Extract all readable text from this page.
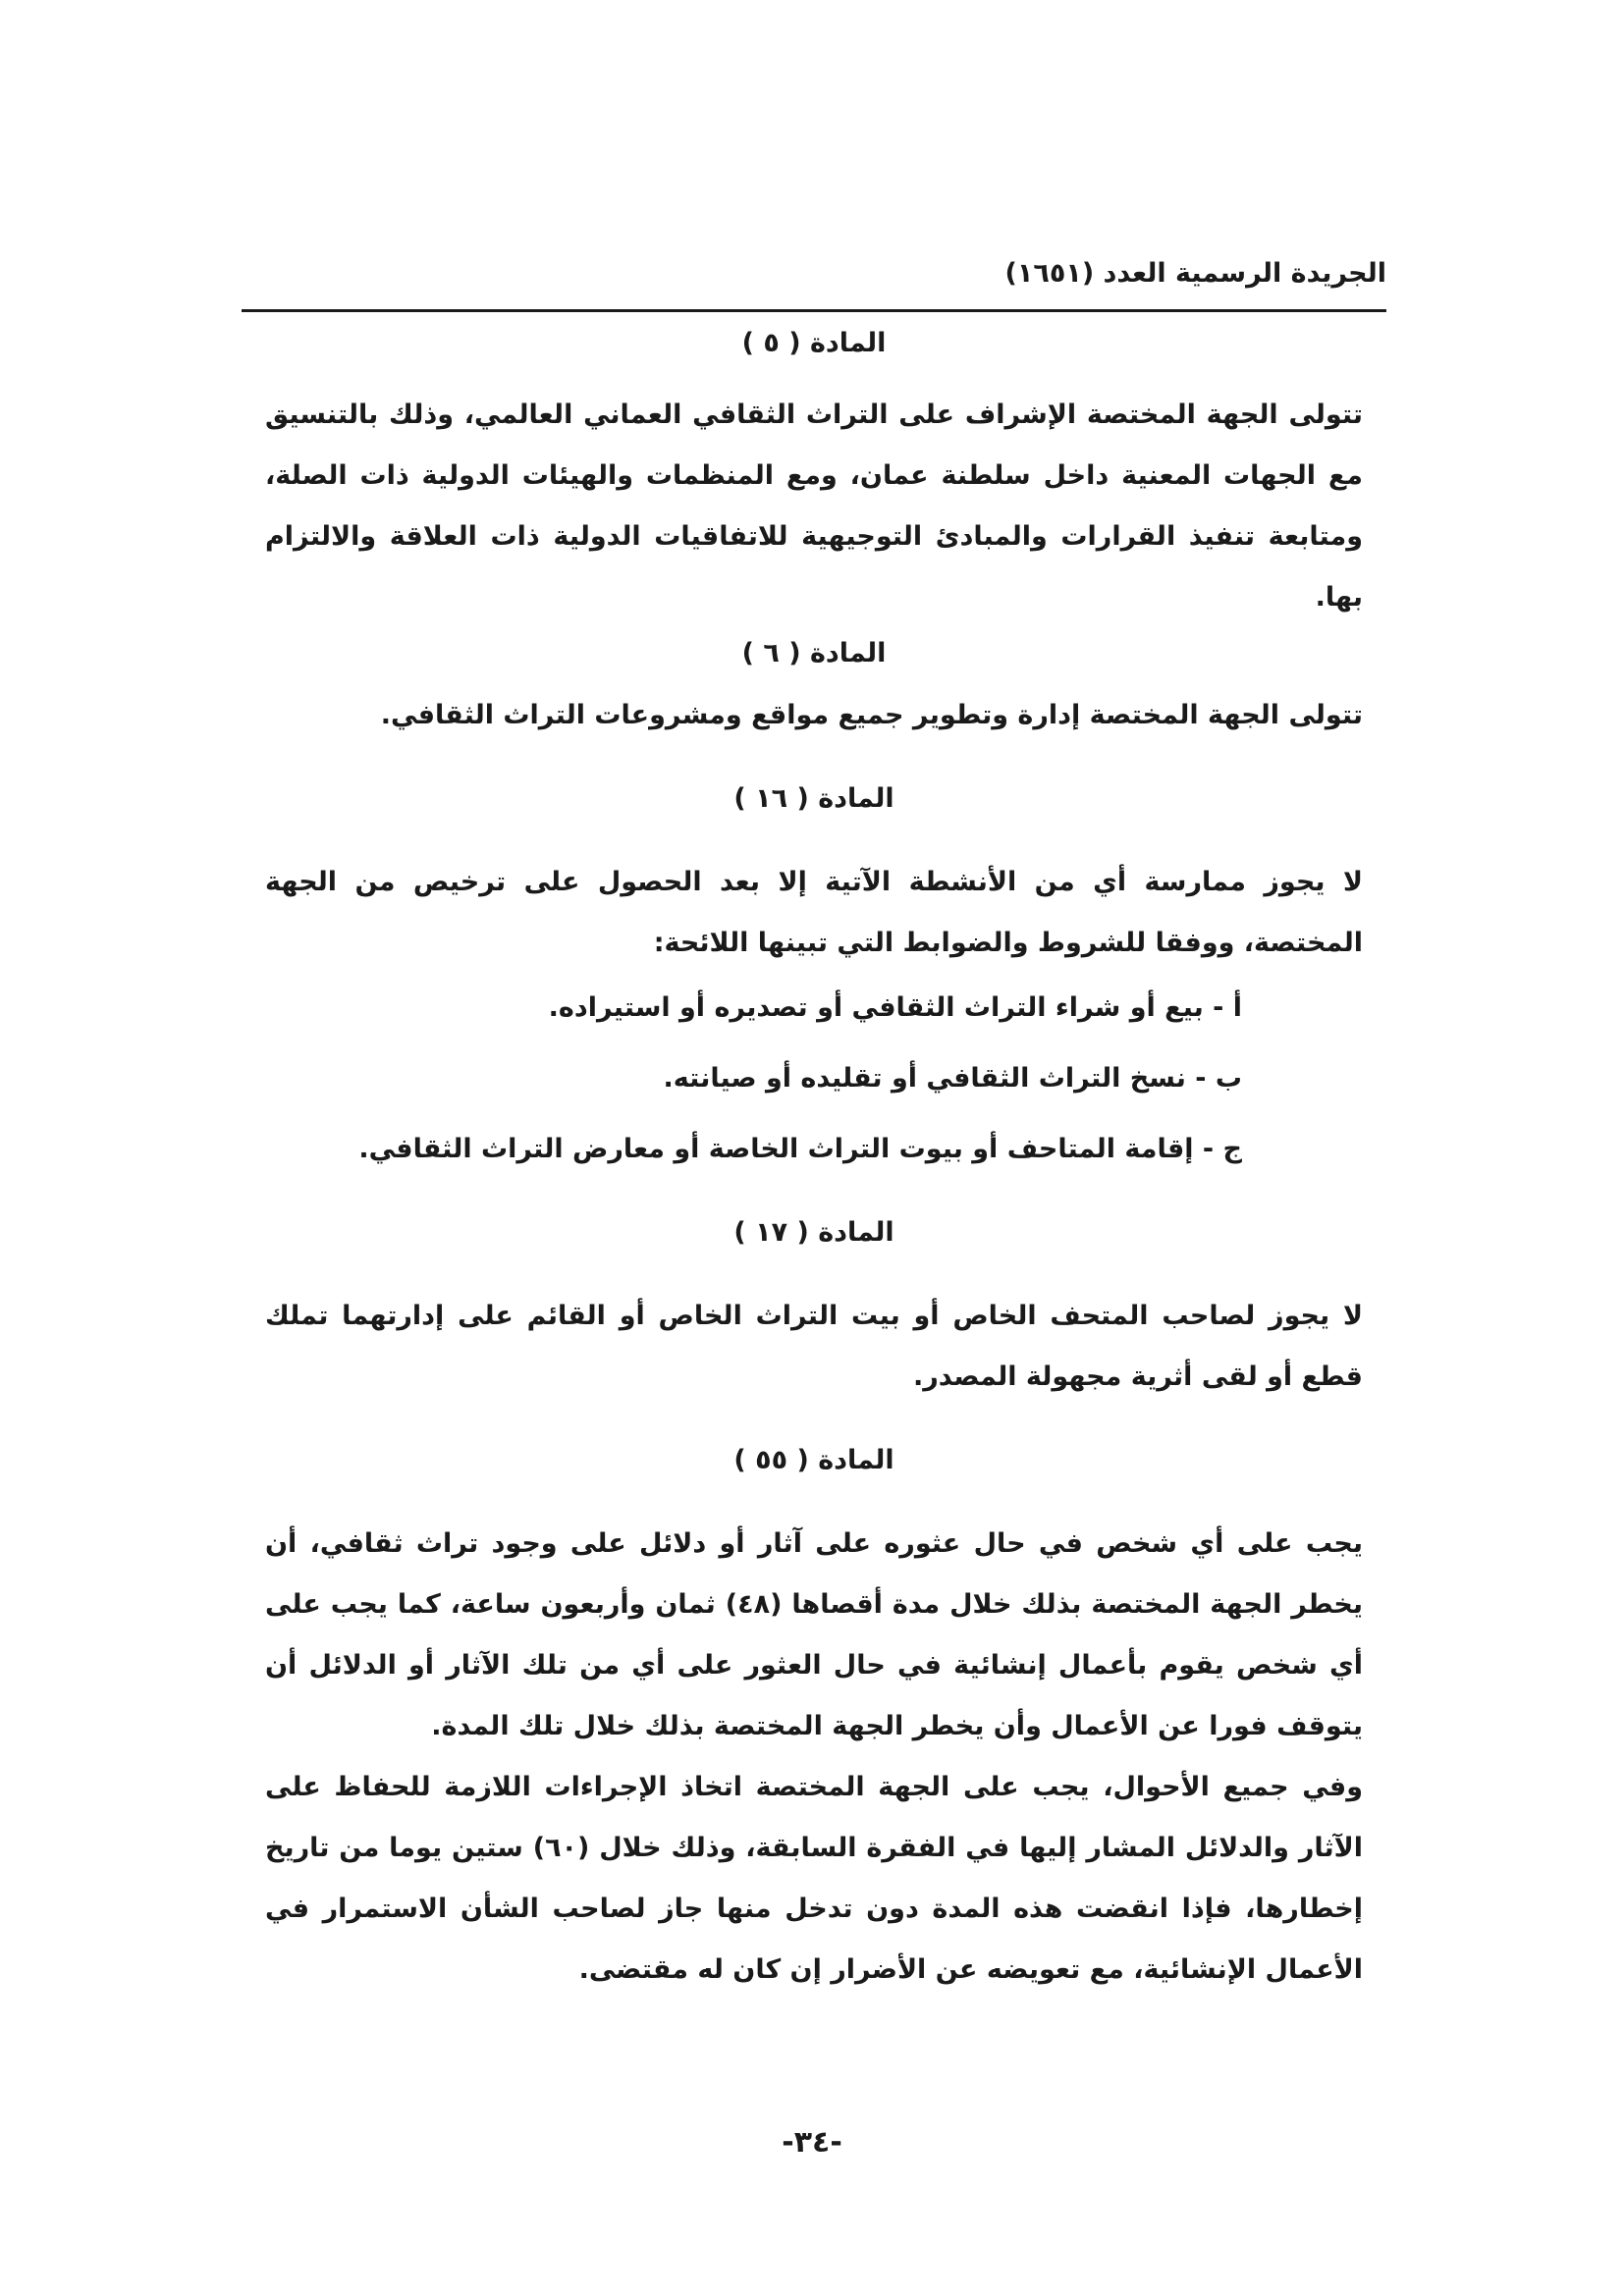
الجريدة الرسمية العدد (١٦٥١)
المادة ( ٥ )

تتولى الجهة المختصة الإشراف على التراث الثقافي العماني العالمي، وذلك بالتنسيق مع الجهات المعنية داخل سلطنة عمان، ومع المنظمات والهيئات الدولية ذات الصلة، ومتابعة تنفيذ القرارات والمبادئ التوجيهية للاتفاقيات الدولية ذات العلاقة والالتزام بها.

المادة ( ٦ )

تتولى الجهة المختصة إدارة وتطوير جميع مواقع ومشروعات التراث الثقافي.

المادة ( ١٦ )

لا يجوز ممارسة أي من الأنشطة الآتية إلا بعد الحصول على ترخيص من الجهة المختصة، ووفقا للشروط والضوابط التي تبينها اللائحة:

أ - بيع أو شراء التراث الثقافي أو تصديره أو استيراده.

ب - نسخ التراث الثقافي أو تقليده أو صيانته.

ج - إقامة المتاحف أو بيوت التراث الخاصة أو معارض التراث الثقافي.

المادة ( ١٧ )

لا يجوز لصاحب المتحف الخاص أو بيت التراث الخاص أو القائم على إدارتهما تملك قطع أو لقى أثرية مجهولة المصدر.

المادة ( ٥٥ )

يجب على أي شخص في حال عثوره على آثار أو دلائل على وجود تراث ثقافي، أن يخطر الجهة المختصة بذلك خلال مدة أقصاها (٤٨) ثمان وأربعون ساعة، كما يجب على أي شخص يقوم بأعمال إنشائية في حال العثور على أي من تلك الآثار أو الدلائل أن يتوقف فورا عن الأعمال وأن يخطر الجهة المختصة بذلك خلال تلك المدة.

وفي جميع الأحوال، يجب على الجهة المختصة اتخاذ الإجراءات اللازمة للحفاظ على الآثار والدلائل المشار إليها في الفقرة السابقة، وذلك خلال (٦٠) ستين يوما من تاريخ إخطارها، فإذا انقضت هذه المدة دون تدخل منها جاز لصاحب الشأن الاستمرار في الأعمال الإنشائية، مع تعويضه عن الأضرار إن كان له مقتضى.

-٣٤-
